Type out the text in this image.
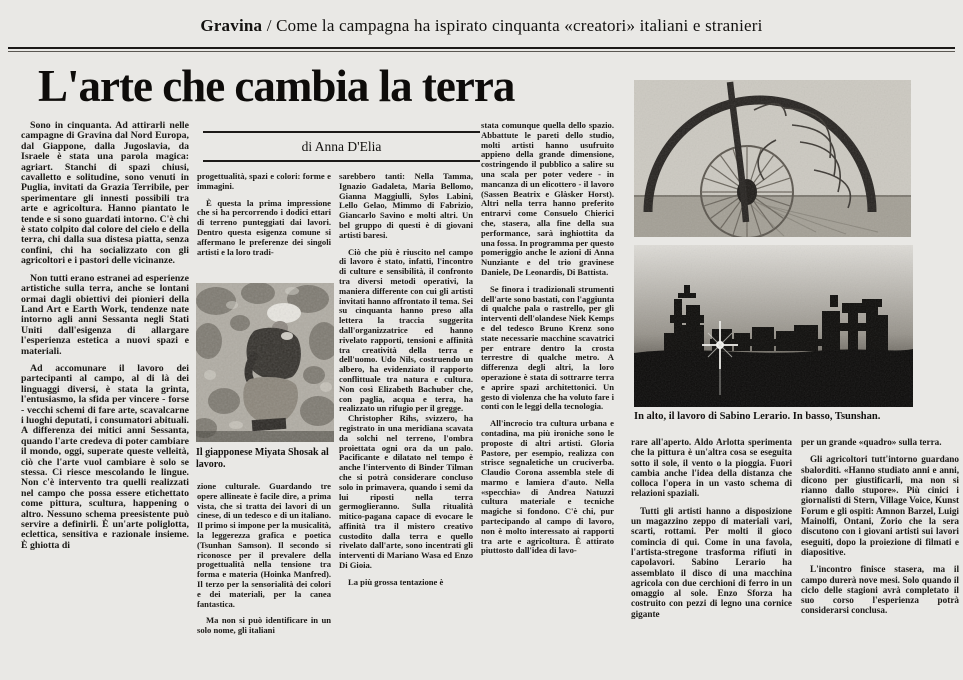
Gravina / Come la campagna ha ispirato cinquanta «creatori» italiani e stranieri
L'arte che cambia la terra
di Anna D'Elia

Sono in cinquanta. Ad attirarli nelle campagne di Gravina dal Nord Europa, dal Giappone, dalla Jugoslavia, da Israele è stata una parola magica: agriart. Stanchi di spazi chiusi, cavalletto e solitudine, sono venuti in Puglia, invitati da Grazia Terribile, per sperimentare gli innesti possibili tra arte e agricoltura. Hanno piantato le tende e si sono guardati intorno. C'è chi è stato colpito dal colore del cielo e della terra, chi dalla sua distesa piatta, senza confini, chi ha socializzato con gli agricoltori e i pastori delle vicinanze.

Non tutti erano estranei ad esperienze artistiche sulla terra, anche se lontani ormai dagli obiettivi dei pionieri della Land Art e Earth Work, tendenze nate intorno agli anni Sessanta negli Stati Uniti dall'esigenza di allargare l'esperienza estetica a nuovi spazi e materiali.

Ad accomunare il lavoro dei partecipanti al campo, al di là dei linguaggi diversi, è stata la grinta, l'entusiasmo, la sfida per vincere - forse - vecchi schemi di fare arte, scavalcarne i luoghi deputati, i consumatori abituali. A differenza dei mitici anni Sessanta, quando l'arte credeva di poter cambiare il mondo, oggi, superate queste velleità, ciò che l'arte vuol cambiare è solo se stessa. Ci riesce mescolando le lingue. Non c'è intervento tra quelli realizzati nel campo che possa essere etichettato come pittura, scultura, happening o altro. Nessuno schema preesistente può servire a definirli. È un'arte poliglotta, eclettica, sensitiva e razionale insieme. È ghiotta di

progettualità, spazi e colori: forme e immagini.

È questa la prima impressione che si ha percorrendo i dodici ettari di terreno punteggiati dai lavori. Dentro questa esigenza comune si affermano le preferenze dei singoli artisti e la loro tradi-

Il giapponese Miyata Shosak al lavoro.

zione culturale. Guardando tre opere allineate è facile dire, a prima vista, che si tratta dei lavori di un cinese, di un tedesco e di un italiano. Il primo si impone per la musicalità, la leggerezza grafica e poetica (Tsunhan Samson). Il secondo si riconosce per il prevalere della progettualità nella tensione tra forma e materia (Hoinka Manfred). Il terzo per la sensorialità dei colori e dei materiali, per la canea fantastica.

Ma non si può identificare in un solo nome, gli italiani

sarebbero tanti: Nella Tamma, Ignazio Gadaleta, Maria Bellomo, Gianna Maggiulli, Sylos Labini, Lello Gelao, Mimmo di Fabrizio, Giancarlo Savino e molti altri. Un bel gruppo di questi è di giovani artisti baresi.

Ciò che più è riuscito nel campo di lavoro è stato, infatti, l'incontro di culture e sensibilità, il confronto tra diversi metodi operativi, la maniera differente con cui gli artisti invitati hanno affrontato il tema. Sei su cinquanta hanno preso alla lettera la traccia suggerita dall'organizzatrice ed hanno rivelato rapporti, tensioni e affinità tra creatività della terra e dell'uomo. Udo Nils, costruendo un albero, ha evidenziato il rapporto conflittuale tra natura e cultura. Non così Elizabeth Bachuber che, con paglia, acqua e terra, ha realizzato un rifugio per il gregge.

Christopher Rihs, svizzero, ha registrato in una meridiana scavata da solchi nel terreno, l'ombra proiettata ogni ora da un palo. Pacificante e dilatato nel tempo è anche l'intervento di Binder Tilman che si potrà considerare concluso solo in primavera, quando i semi da lui riposti nella terra germoglieranno. Sulla ritualità mitico-pagana capace di evocare le affinità tra il mistero creativo custodito dalla terra e quello rivelato dall'arte, sono incentrati gli interventi di Mariano Wasa ed Enzo Di Gioia.

La più grossa tentazione è

stata comunque quella dello spazio. Abbattute le pareti dello studio, molti artisti hanno usufruito appieno della grande dimensione, costringendo il pubblico a salire su una scala per poter vedere - in mancanza di un elicottero - il lavoro (Sassen Beatrix e Glàsker Horst). Altri nella terra hanno preferito entrarvi come Consuelo Chierici che, stasera, alla fine della sua performance, sarà inghiottita da una fossa. In programma per questo pomeriggio anche le azioni di Anna Nunziante e del trio gravinese Daniele, De Leonardis, Di Battista.

Se finora i tradizionali strumenti dell'arte sono bastati, con l'aggiunta di qualche pala o rastrello, per gli interventi dell'olandese Niek Kemps e del tedesco Bruno Krenz sono state necessarie macchine scavatrici per entrare dentro la crosta terrestre di qualche metro. A differenza degli altri, la loro operazione è stata di sottrarre terra e aprire spazi architettonici. Un gesto di violenza che ha voluto fare i conti con le leggi della tecnologia.

All'incrocio tra cultura urbana e contadina, ma più ironiche sono le proposte di altri artisti. Gloria Pastore, per esempio, realizza con strisce segnaletiche un cruciverba. Claudio Corona assembla stele di marmo e lamiera d'auto. Nella «specchia» di Andrea Natuzzi cultura materiale e tecniche magiche si fondono. C'è chi, pur partecipando al campo di lavoro, non è molto interessato ai rapporti tra arte e agricoltura. È attirato piuttosto dall'idea di lavo-

In alto, il lavoro di Sabino Lerario. In basso, Tsunshan.

rare all'aperto. Aldo Arlotta sperimenta che la pittura è un'altra cosa se eseguita sotto il sole, il vento o la pioggia. Fuori cambia anche l'idea della distanza che colloca l'opera in un vasto schema di relazioni spaziali.

Tutti gli artisti hanno a disposizione un magazzino zeppo di materiali vari, scarti, rottami. Per molti il gioco comincia di qui. Come in una favola, l'artista-stregone trasforma rifiuti in capolavori. Sabino Lerario ha assemblato il disco di una macchina agricola con due cerchioni di ferro in un omaggio al sole. Enzo Sforza ha costruito con pezzi di legno una cornice gigante

per un grande «quadro» sulla terra.

Gli agricoltori tutt'intorno guardano sbalorditi. «Hanno studiato anni e anni, dicono per giustificarli, ma non si rianno dallo stupore». Più cinici i giornalisti di Stern, Village Voice, Kunst Forum e gli ospiti: Amnon Barzel, Luigi Mainolfi, Ontani, Zorio che la sera discutono con i giovani artisti sui lavori eseguiti, dopo la proiezione di filmati e diapositive.

L'incontro finisce stasera, ma il campo durerà nove mesi. Solo quando il ciclo delle stagioni avrà completato il suo corso l'esperienza potrà considerarsi conclusa.
